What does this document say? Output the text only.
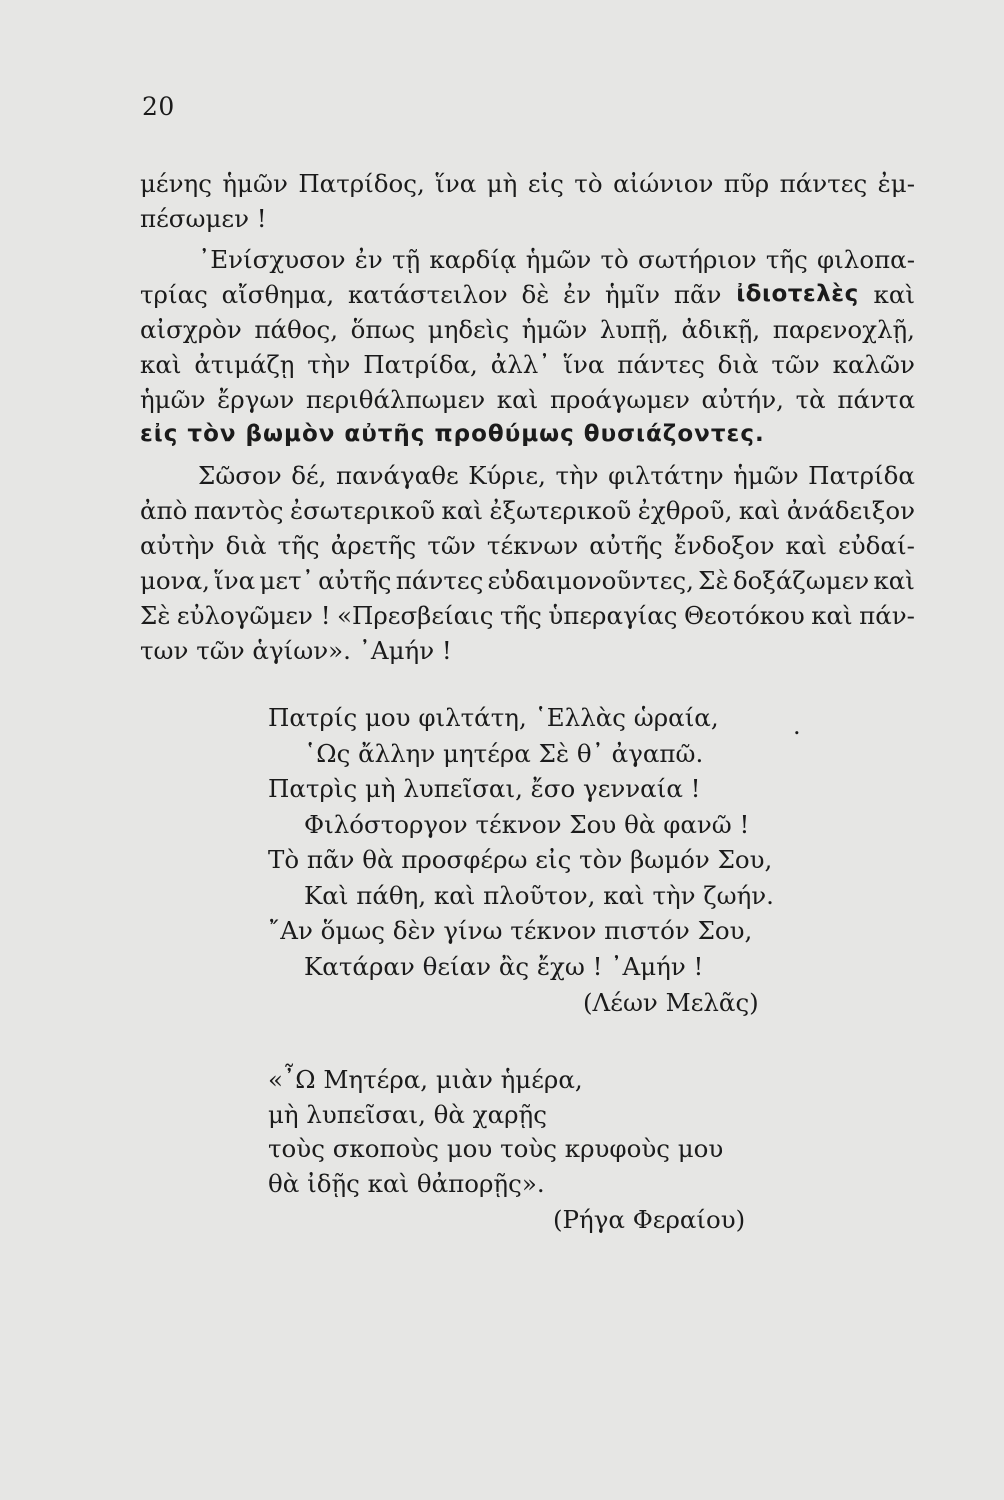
20
μένης ἡμῶν Πατρίδος, ἵνα μὴ εἰς τὸ αἰώνιον πῦρ πάντες ἐμ-
πέσωμεν !
᾿Ενίσχυσον ἐν τῇ καρδίᾳ ἡμῶν τὸ σωτήριον τῆς φιλοπα-
τρίας αἴσθημα, κατάστειλον δὲ ἐν ἡμῖν πᾶν ἰδιοτελὲς καὶ
αἰσχρὸν πάθος, ὅπως μηδεὶς ἡμῶν λυπῇ, ἀδικῇ, παρενοχλῇ,
καὶ ἀτιμάζῃ τὴν Πατρίδα, ἀλλ᾿ ἵνα πάντες διὰ τῶν καλῶν
ἡμῶν ἔργων περιθάλπωμεν καὶ προάγωμεν αὐτήν, τὰ πάντα
εἰς τὸν βωμὸν αὐτῆς προθύμως θυσιάζοντες.
Σῶσον δέ, πανάγαθε Κύριε, τὴν φιλτάτην ἡμῶν Πατρίδα
ἀπὸ παντὸς ἐσωτερικοῦ καὶ ἐξωτερικοῦ ἐχθροῦ, καὶ ἀνάδειξον
αὐτὴν διὰ τῆς ἀρετῆς τῶν τέκνων αὐτῆς ἔνδοξον καὶ εὐδαί-
μονα, ἵνα μετ᾿ αὐτῆς πάντες εὐδαιμονοῦντες, Σὲ δοξάζωμεν καὶ
Σὲ εὐλογῶμεν ! «Πρεσβείαις τῆς ὑπεραγίας Θεοτόκου καὶ πάν-
των τῶν ἁγίων». ᾿Αμήν !
Πατρίς μου φιλτάτη, ῾Ελλὰς ὡραία,
῾Ως ἄλλην μητέρα Σὲ θ᾿ ἀγαπῶ.
Πατρὶς μὴ λυπεῖσαι, ἔσο γενναία !
Φιλόστοργον τέκνον Σου θὰ φανῶ !
Τὸ πᾶν θὰ προσφέρω εἰς τὸν βωμόν Σου,
Καὶ πάθη, καὶ πλοῦτον, καὶ τὴν ζωήν.
῎Αν ὅμως δὲν γίνω τέκνον πιστόν Σου,
Κατάραν θείαν ἂς ἔχω ! ᾿Αμήν !
.
(Λέων Μελᾶς)
«῏Ω Μητέρα, μιὰν ἡμέρα,
μὴ λυπεῖσαι, θὰ χαρῇς
τοὺς σκοποὺς μου τοὺς κρυφοὺς μου
θὰ ἰδῇς καὶ θἀπορῇς».
(Ρήγα Φεραίου)
